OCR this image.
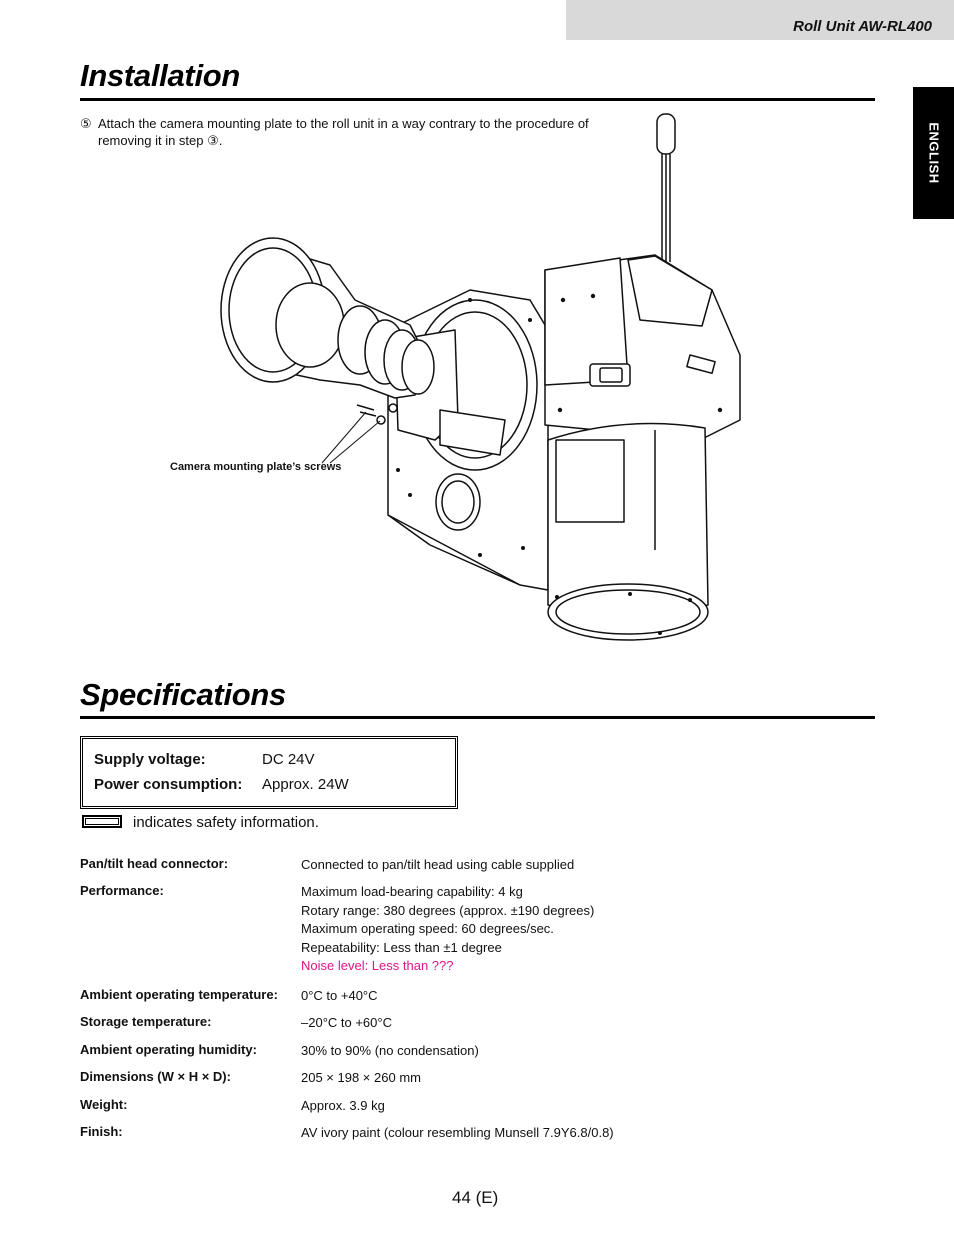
Roll Unit AW-RL400
ENGLISH
Installation
⑤ Attach the camera mounting plate to the roll unit in a way contrary to the procedure of removing it in step ③.
Camera mounting plate’s screws
Specifications
Supply voltage:	DC 24V
Power consumption: Approx. 24W
indicates safety information.
Pan/tilt head connector:	Connected to pan/tilt head using cable supplied
Performance:	Maximum load-bearing capability: 4 kg
Rotary range: 380 degrees (approx. ±190 degrees)
Maximum operating speed: 60 degrees/sec.
Repeatability: Less than ±1 degree
Noise level: Less than ???
Ambient operating temperature: 0°C to +40°C
Storage temperature:	–20°C to +60°C
Ambient operating humidity:	30% to 90% (no condensation)
Dimensions (W × H × D):	205 × 198 × 260 mm
Weight:	Approx. 3.9 kg
Finish:	AV ivory paint (colour resembling Munsell 7.9Y6.8/0.8)
44 (E)
